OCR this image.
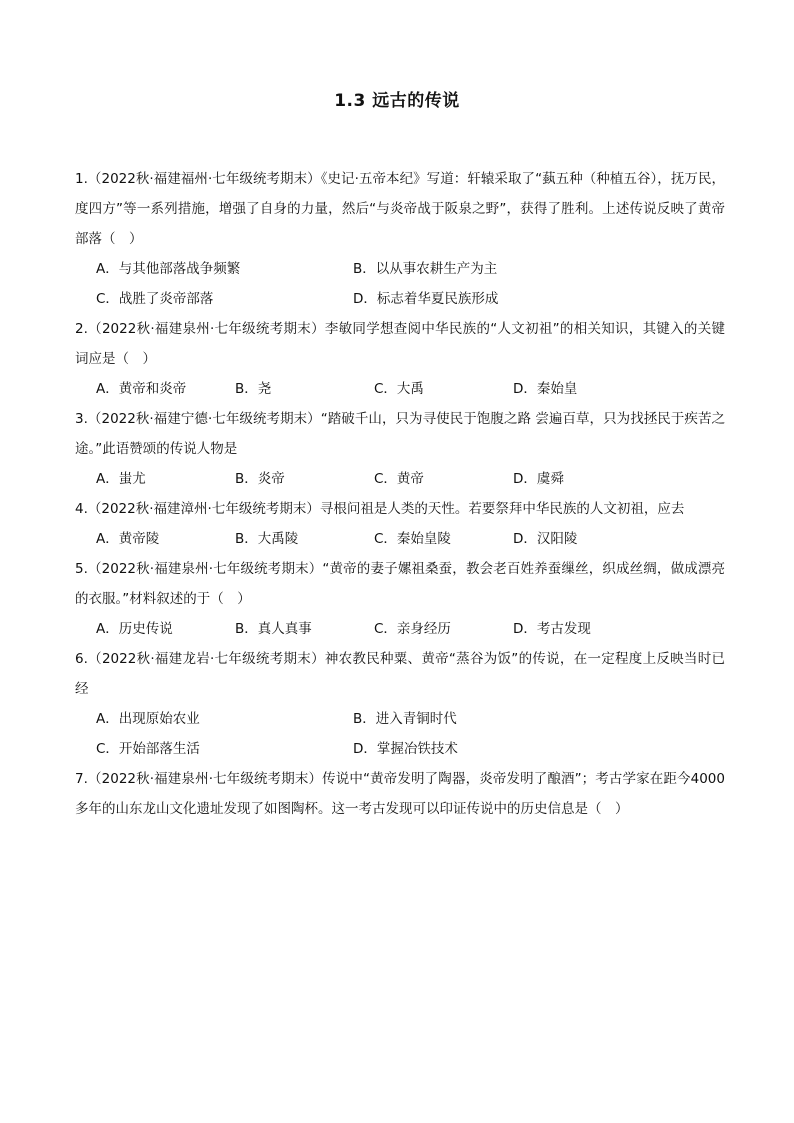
1.3 远古的传说
1.（2022秋·福建福州·七年级统考期末）《史记·五帝本纪》写道：轩辕采取了“蓺五种（种植五谷），抚万民，度四方”等一系列措施，增强了自身的力量，然后“与炎帝战于阪泉之野”，获得了胜利。上述传说反映了黄帝部落（　）
A．与其他部落战争频繁	B．以从事农耕生产为主
C．战胜了炎帝部落	D．标志着华夏民族形成
2.（2022秋·福建泉州·七年级统考期末）李敏同学想查阅中华民族的“人文初祖”的相关知识，其键入的关键词应是（　）
A．黄帝和炎帝	B．尧	C．大禹	D．秦始皇
3.（2022秋·福建宁德·七年级统考期末）“踏破千山，只为寻使民于饱腹之路 尝遍百草，只为找拯民于疾苦之途。”此语赞颂的传说人物是
A．蚩尤	B．炎帝	C．黄帝	D．虞舜
4.（2022秋·福建漳州·七年级统考期末）寻根问祖是人类的天性。若要祭拜中华民族的人文初祖，应去
A．黄帝陵	B．大禹陵	C．秦始皇陵	D．汉阳陵
5.（2022秋·福建泉州·七年级统考期末）“黄帝的妻子嫘祖桑蚕，教会老百姓养蚕缫丝，织成丝绸，做成漂亮的衣服。”材料叙述的于（　）
A．历史传说	B．真人真事	C．亲身经历	D．考古发现
6.（2022秋·福建龙岩·七年级统考期末）神农教民种粟、黄帝“蒸谷为饭”的传说，在一定程度上反映当时已经
A．出现原始农业	B．进入青铜时代
C．开始部落生活	D．掌握冶铁技术
7.（2022秋·福建泉州·七年级统考期末）传说中“黄帝发明了陶器，炎帝发明了酿酒”；考古学家在距今4000多年的山东龙山文化遗址发现了如图陶杯。这一考古发现可以印证传说中的历史信息是（　）
